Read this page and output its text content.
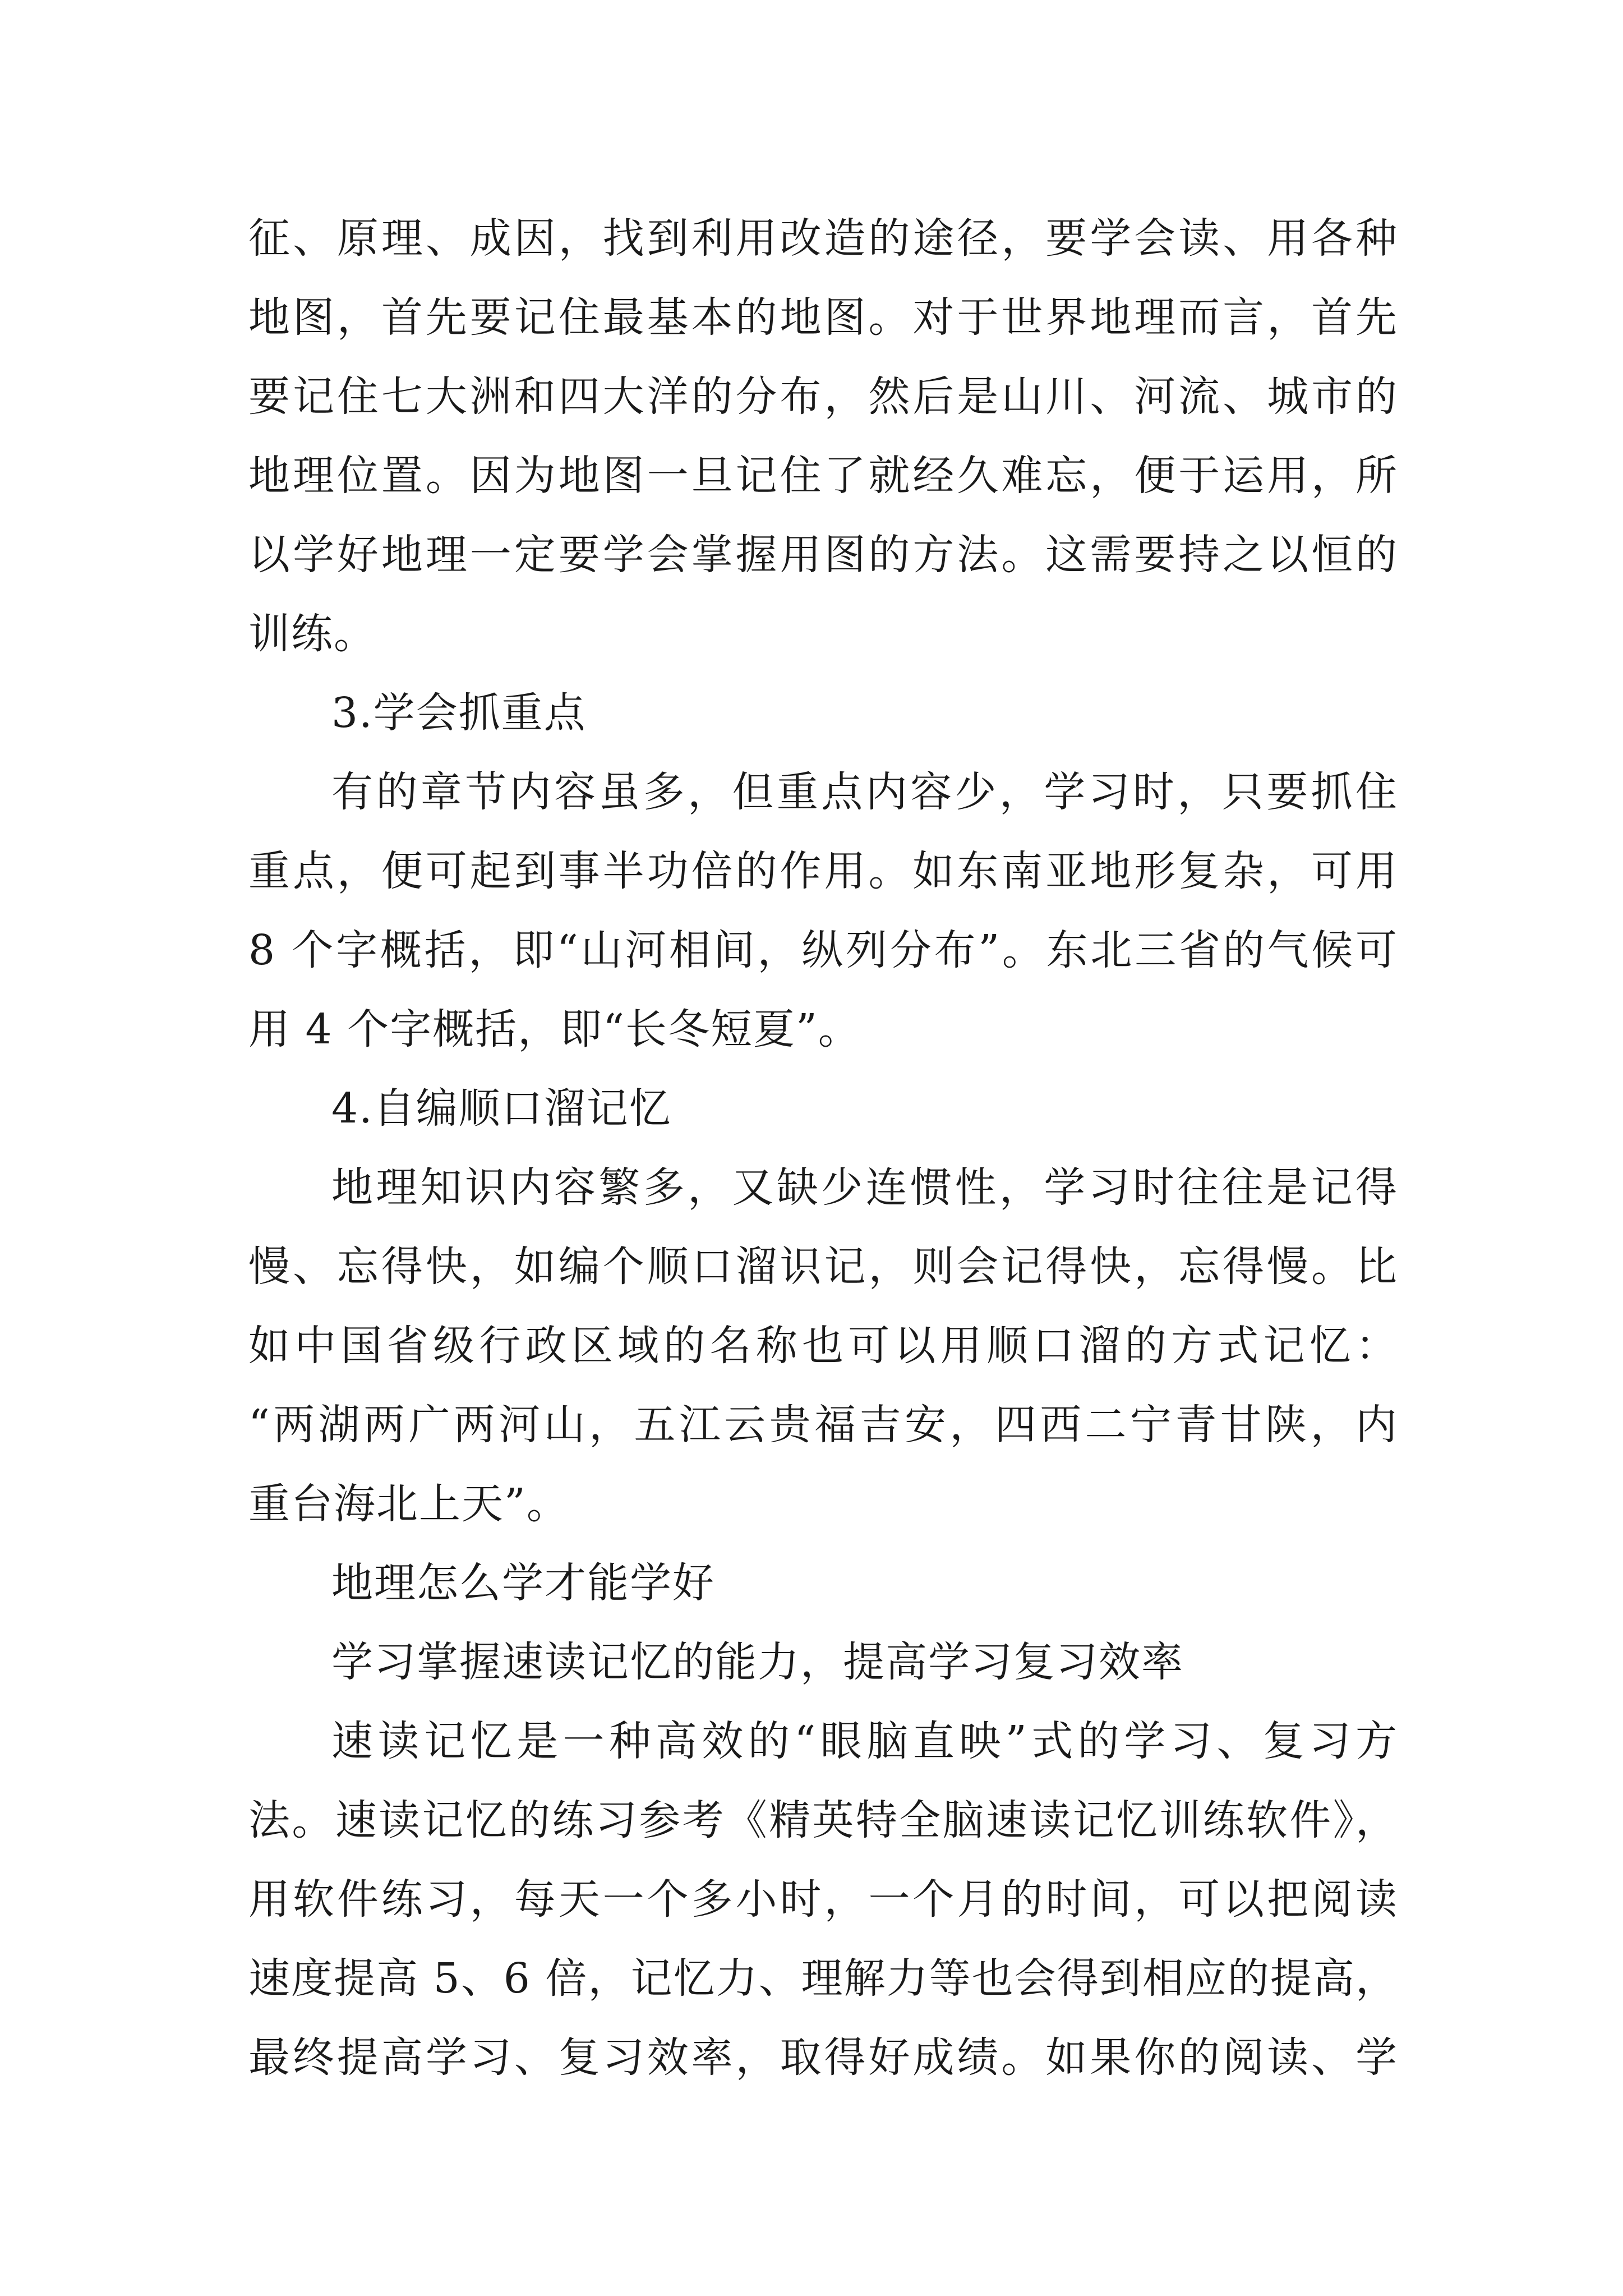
征、原理、成因，找到利用改造的途径，要学会读、用各种
地图，首先要记住最基本的地图。对于世界地理而言，首先
要记住七大洲和四大洋的分布，然后是山川、河流、城市的
地理位置。因为地图一旦记住了就经久难忘，便于运用，所
以学好地理一定要学会掌握用图的方法。这需要持之以恒的
训练。
3.学会抓重点
有的章节内容虽多，但重点内容少，学习时，只要抓住
重点，便可起到事半功倍的作用。如东南亚地形复杂，可用
8 个字概括，即“山河相间，纵列分布”。东北三省的气候可
用 4 个字概括，即“长冬短夏”。
4.自编顺口溜记忆
地理知识内容繁多，又缺少连惯性，学习时往往是记得
慢、忘得快，如编个顺口溜识记，则会记得快，忘得慢。比
如中国省级行政区域的名称也可以用顺口溜的方式记忆：
“两湖两广两河山，五江云贵福吉安，四西二宁青甘陕，内
重台海北上天”。
地理怎么学才能学好
学习掌握速读记忆的能力，提高学习复习效率
速读记忆是一种高效的“眼脑直映”式的学习、复习方
法。速读记忆的练习参考《精英特全脑速读记忆训练软件》，
用软件练习，每天一个多小时，一个月的时间，可以把阅读
速度提高 5、6 倍，记忆力、理解力等也会得到相应的提高，
最终提高学习、复习效率，取得好成绩。如果你的阅读、学
